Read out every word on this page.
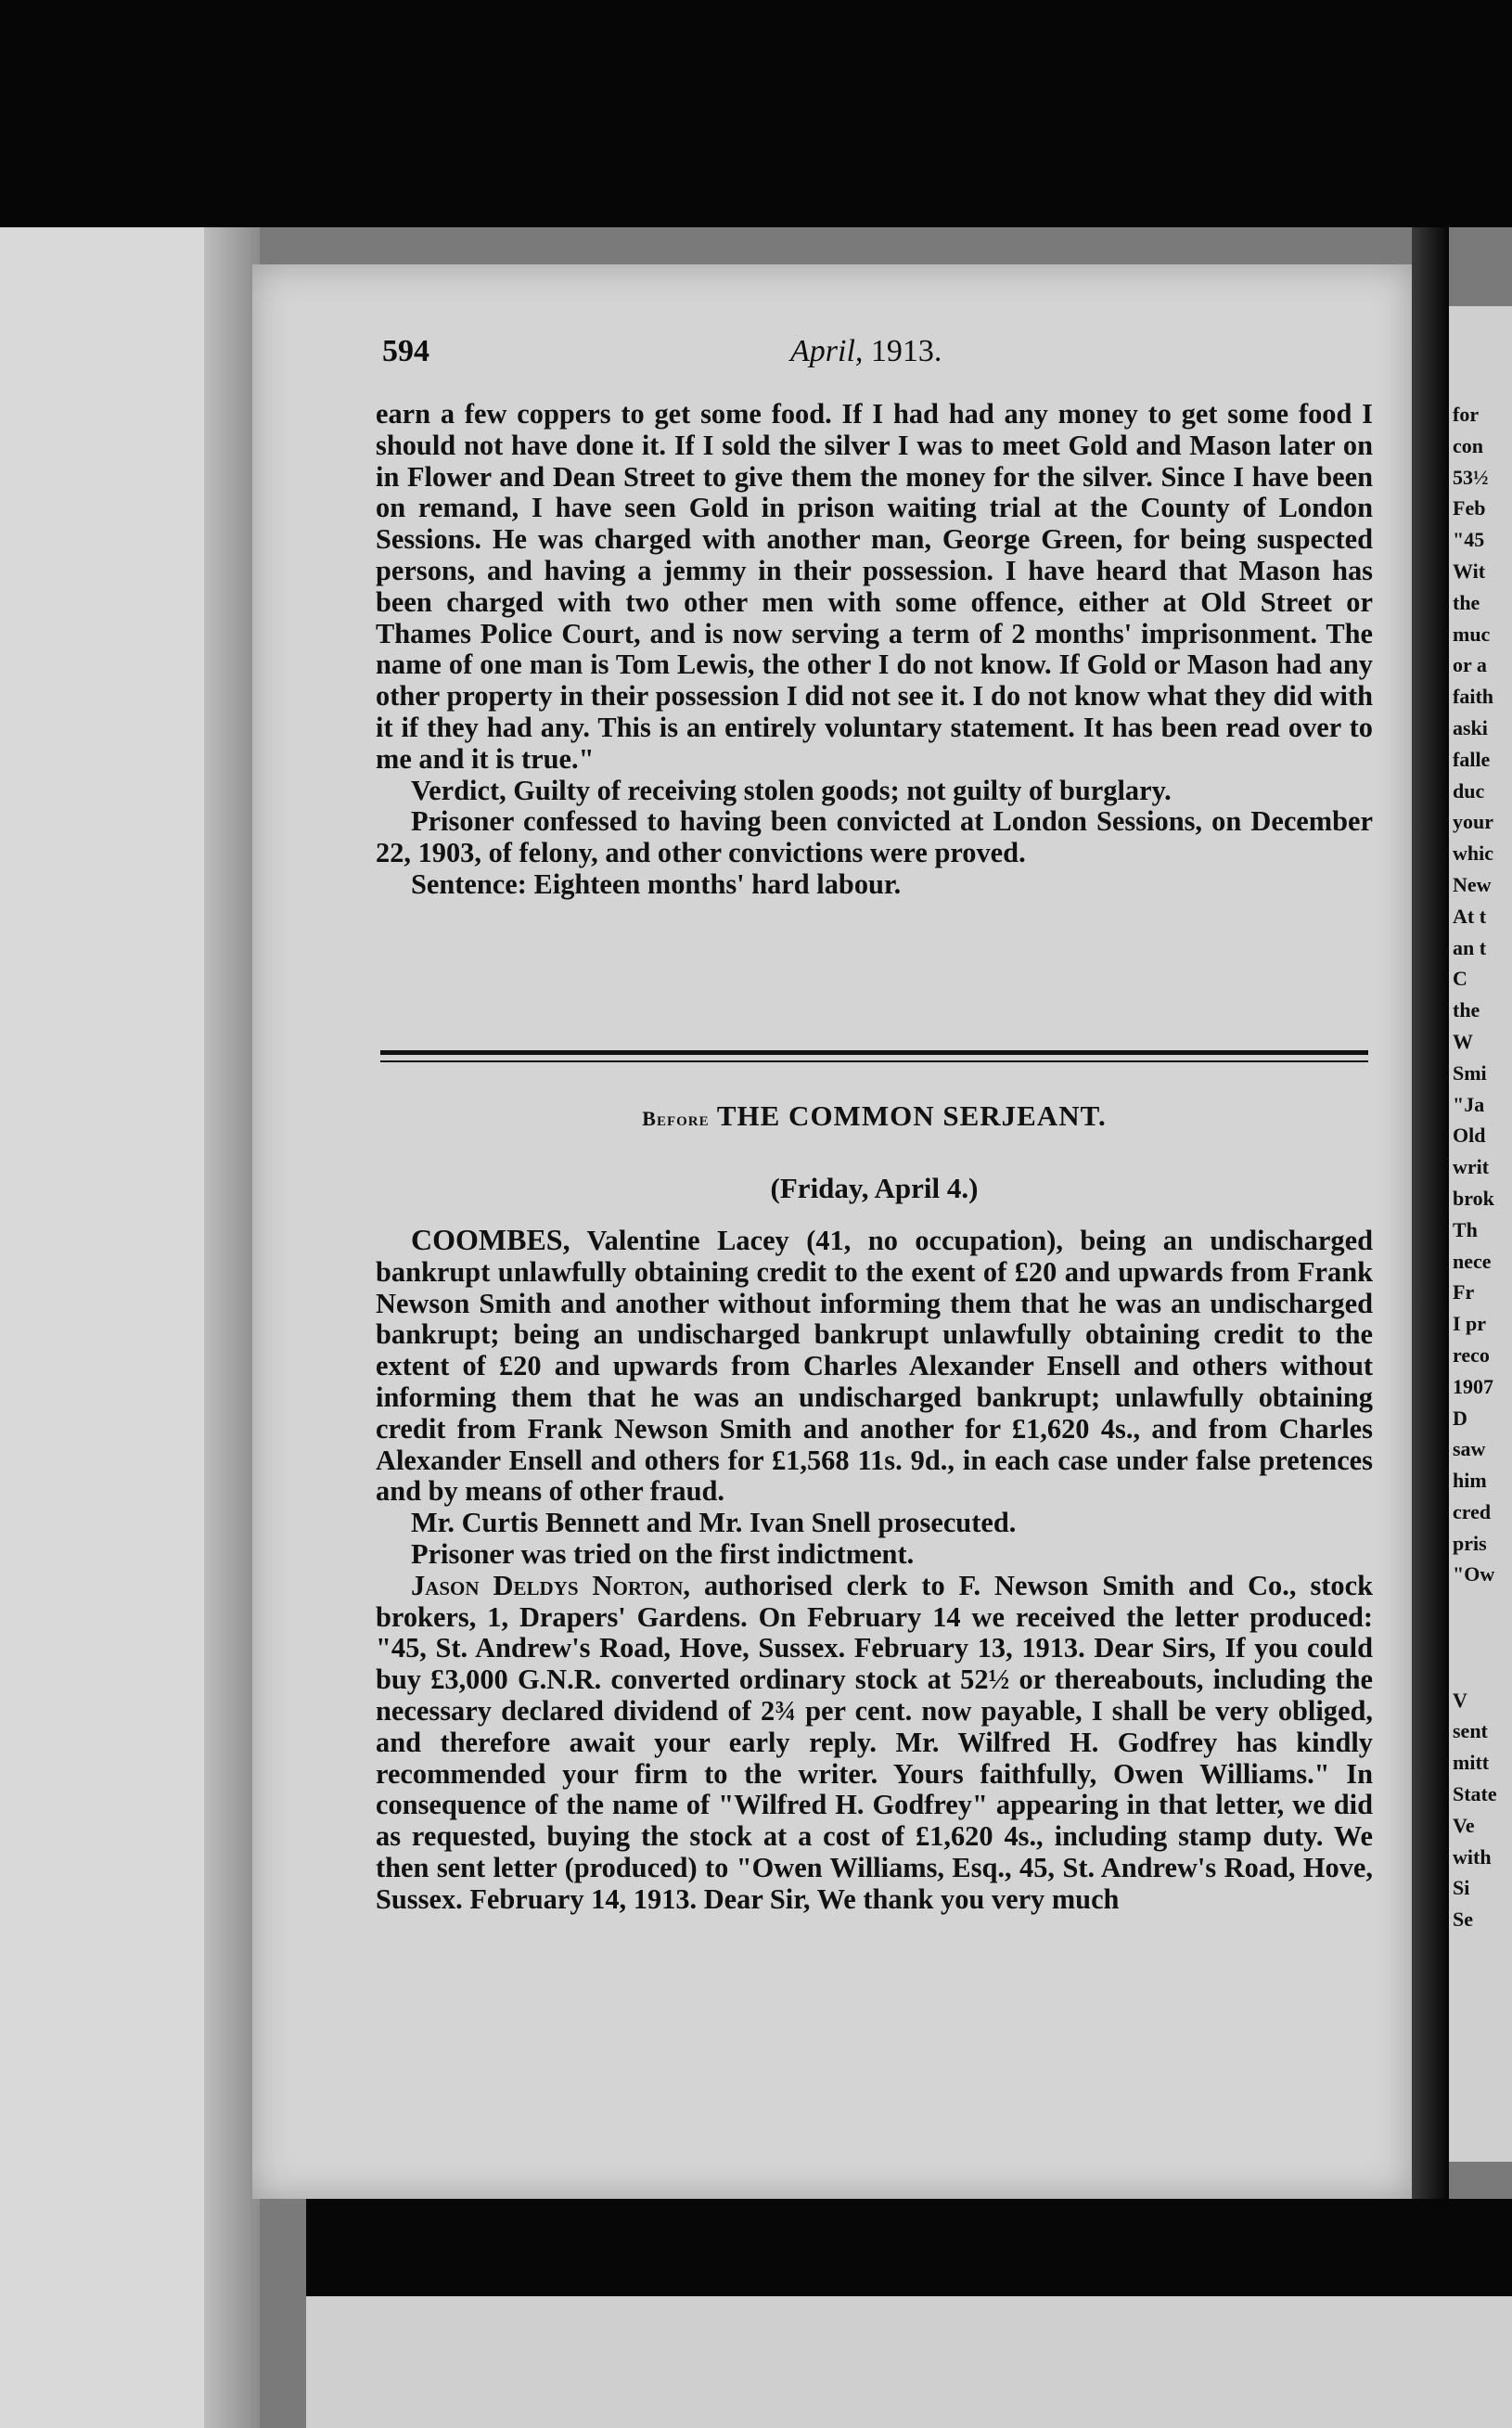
for
con
53½
Feb
"45
Wit
the
muc
or a
faith
aski
falle
duc
your
whic
New
At t
an t
C
the
W
Smi
"Ja
Old
writ
brok
Th
nece
Fr
I pr
reco
1907
D
saw
him
cred
pris
"Ow

V
sent
mitt
State
Ve
with
Si
Se
594	April, 1913.

earn a few coppers to get some food. If I had had any money to get some food I should not have done it. If I sold the silver I was to meet Gold and Mason later on in Flower and Dean Street to give them the money for the silver. Since I have been on remand, I have seen Gold in prison waiting trial at the County of London Sessions. He was charged with another man, George Green, for being suspected persons, and having a jemmy in their possession. I have heard that Mason has been charged with two other men with some offence, either at Old Street or Thames Police Court, and is now serving a term of 2 months' imprisonment. The name of one man is Tom Lewis, the other I do not know. If Gold or Mason had any other property in their possession I did not see it. I do not know what they did with it if they had any. This is an entirely voluntary statement. It has been read over to me and it is true."

Verdict, Guilty of receiving stolen goods; not guilty of burglary.

Prisoner confessed to having been convicted at London Sessions, on December 22, 1903, of felony, and other convictions were proved.

Sentence: Eighteen months' hard labour.

Before THE COMMON SERJEANT.
(Friday, April 4.)

COOMBES, Valentine Lacey (41, no occupation), being an undischarged bankrupt unlawfully obtaining credit to the exent of £20 and upwards from Frank Newson Smith and another without informing them that he was an undischarged bankrupt; being an undischarged bankrupt unlawfully obtaining credit to the extent of £20 and upwards from Charles Alexander Ensell and others without informing them that he was an undischarged bankrupt; unlawfully obtaining credit from Frank Newson Smith and another for £1,620 4s., and from Charles Alexander Ensell and others for £1,568 11s. 9d., in each case under false pretences and by means of other fraud.

Mr. Curtis Bennett and Mr. Ivan Snell prosecuted.

Prisoner was tried on the first indictment.

Jason Deldys Norton, authorised clerk to F. Newson Smith and Co., stock brokers, 1, Drapers' Gardens. On February 14 we received the letter produced: "45, St. Andrew's Road, Hove, Sussex. February 13, 1913. Dear Sirs, If you could buy £3,000 G.N.R. converted ordinary stock at 52½ or thereabouts, including the necessary declared dividend of 2¾ per cent. now payable, I shall be very obliged, and therefore await your early reply. Mr. Wilfred H. Godfrey has kindly recommended your firm to the writer. Yours faithfully, Owen Williams." In consequence of the name of "Wilfred H. Godfrey" appearing in that letter, we did as requested, buying the stock at a cost of £1,620 4s., including stamp duty. We then sent letter (produced) to "Owen Williams, Esq., 45, St. Andrew's Road, Hove, Sussex. February 14, 1913. Dear Sir, We thank you very much
